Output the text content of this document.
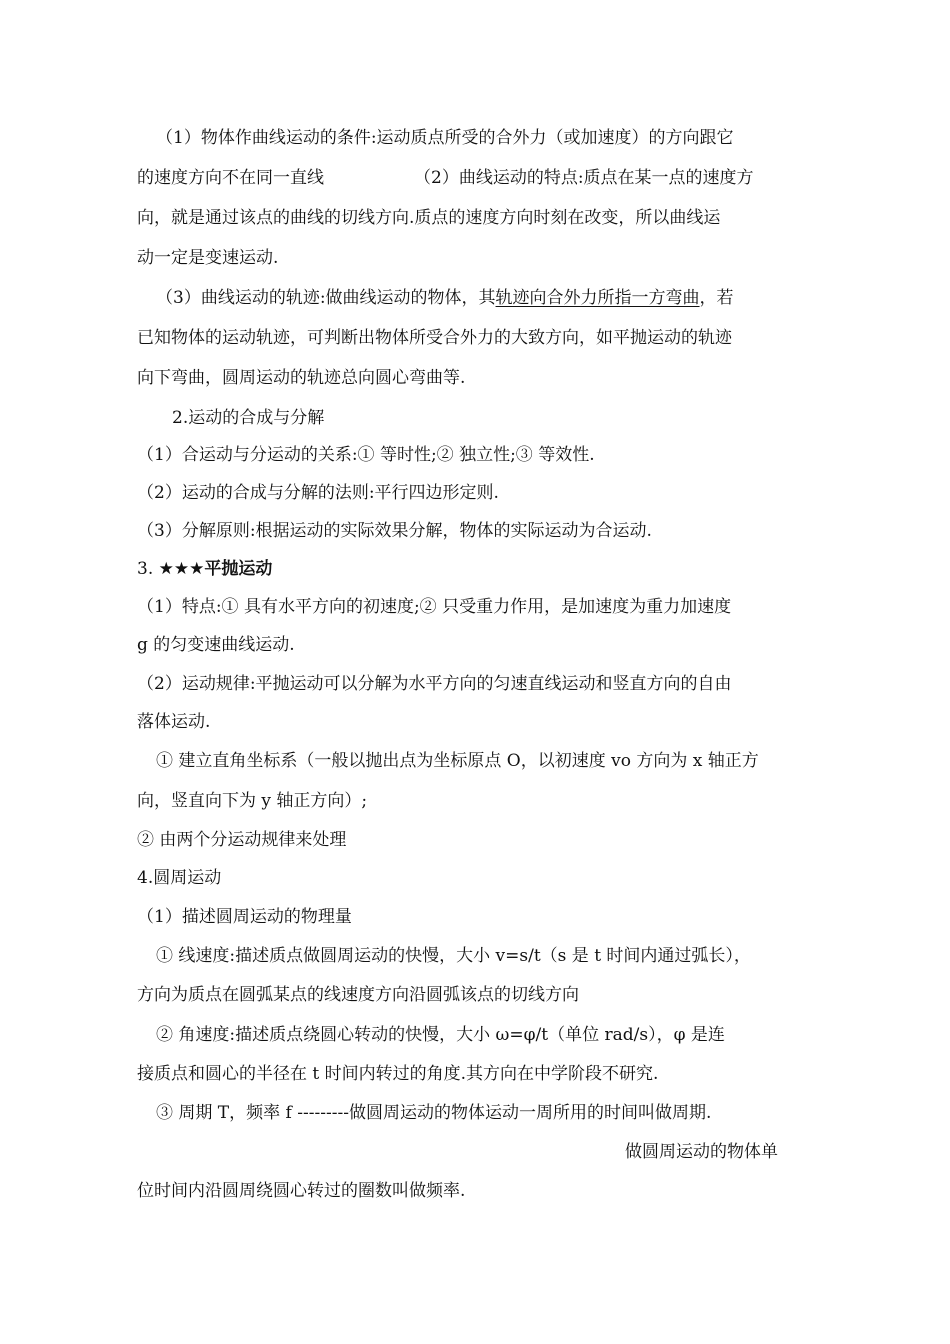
（1）物体作曲线运动的条件:运动质点所受的合外力（或加速度）的方向跟它
的速度方向不在同一直线	（2）曲线运动的特点:质点在某一点的速度方
向，就是通过该点的曲线的切线方向.质点的速度方向时刻在改变，所以曲线运
动一定是变速运动.
（3）曲线运动的轨迹:做曲线运动的物体，其轨迹向合外力所指一方弯曲，若
已知物体的运动轨迹，可判断出物体所受合外力的大致方向，如平抛运动的轨迹
向下弯曲，圆周运动的轨迹总向圆心弯曲等.
2.运动的合成与分解
（1）合运动与分运动的关系:① 等时性;② 独立性;③ 等效性.
（2）运动的合成与分解的法则:平行四边形定则.
（3）分解原则:根据运动的实际效果分解，物体的实际运动为合运动.
3. ★★★平抛运动
（1）特点:① 具有水平方向的初速度;② 只受重力作用，是加速度为重力加速度
g 的匀变速曲线运动.
（2）运动规律:平抛运动可以分解为水平方向的匀速直线运动和竖直方向的自由
落体运动.
① 建立直角坐标系（一般以抛出点为坐标原点 O，以初速度 vo 方向为 x 轴正方
向，竖直向下为 y 轴正方向）;
② 由两个分运动规律来处理
4.圆周运动
（1）描述圆周运动的物理量
① 线速度:描述质点做圆周运动的快慢，大小 v=s/t（s 是 t 时间内通过弧长），
方向为质点在圆弧某点的线速度方向沿圆弧该点的切线方向
② 角速度:描述质点绕圆心转动的快慢，大小 ω=φ/t（单位 rad/s），φ 是连
接质点和圆心的半径在 t 时间内转过的角度.其方向在中学阶段不研究.
③ 周期 T，频率 f ---------做圆周运动的物体运动一周所用的时间叫做周期.
做圆周运动的物体单
位时间内沿圆周绕圆心转过的圈数叫做频率.
